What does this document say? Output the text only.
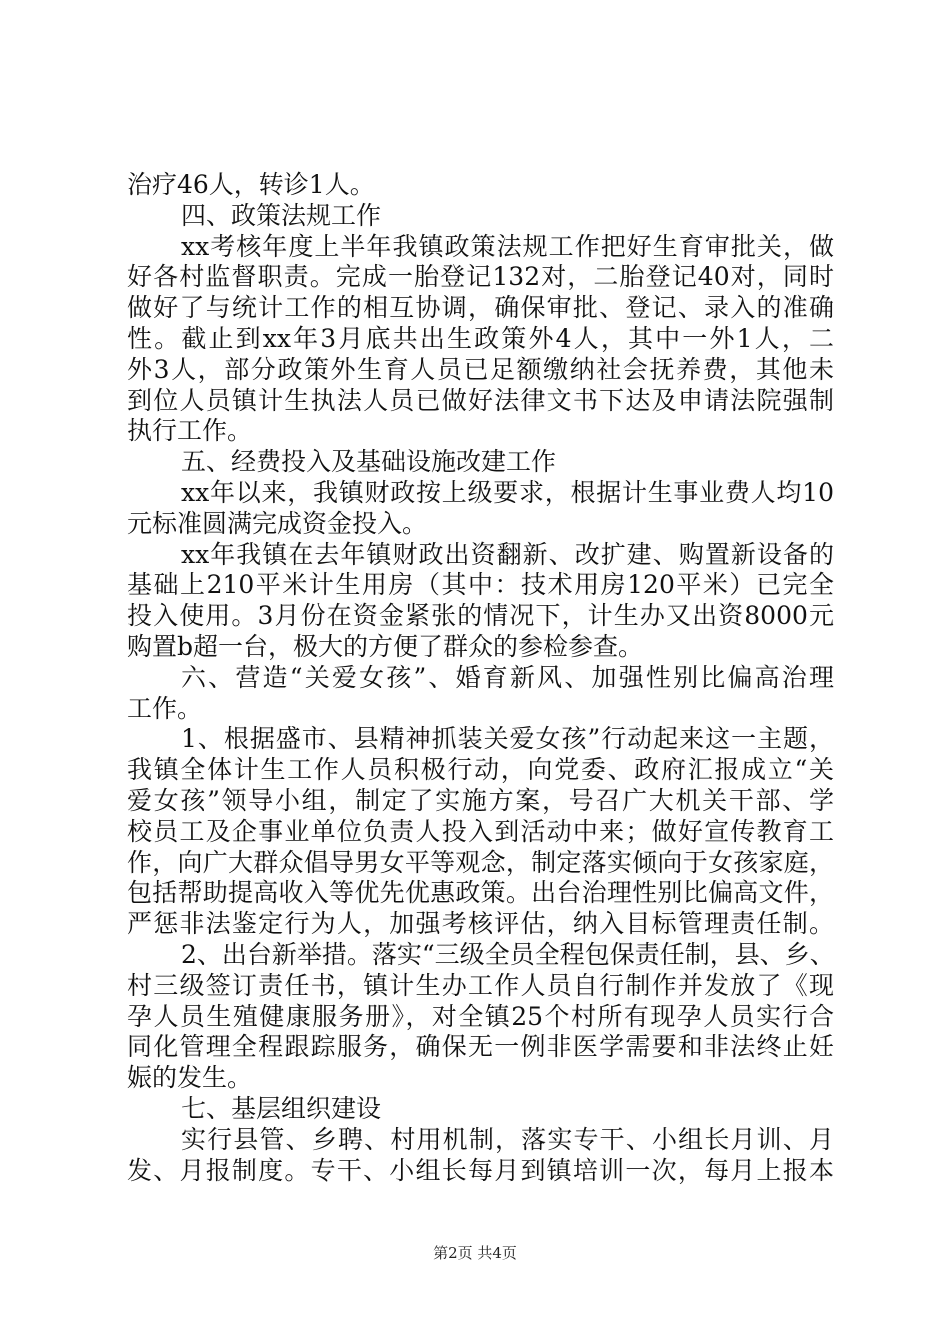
治疗46人，转诊1人。
四、政策法规工作
xx考核年度上半年我镇政策法规工作把好生育审批关，做
好各村监督职责。完成一胎登记132对，二胎登记40对，同时
做好了与统计工作的相互协调，确保审批、登记、录入的准确
性。截止到xx年3月底共出生政策外4人，其中一外1人，二
外3人，部分政策外生育人员已足额缴纳社会抚养费，其他未
到位人员镇计生执法人员已做好法律文书下达及申请法院强制
执行工作。
五、经费投入及基础设施改建工作
xx年以来，我镇财政按上级要求，根据计生事业费人均10
元标准圆满完成资金投入。
xx年我镇在去年镇财政出资翻新、改扩建、购置新设备的
基础上210平米计生用房（其中：技术用房120平米）已完全
投入使用。3月份在资金紧张的情况下，计生办又出资8000元
购置b超一台，极大的方便了群众的参检参查。
六、营造“关爱女孩”、婚育新风、加强性别比偏高治理
工作。
1、根据盛市、县精神抓装关爱女孩”行动起来这一主题，
我镇全体计生工作人员积极行动，向党委、政府汇报成立“关
爱女孩”领导小组，制定了实施方案，号召广大机关干部、学
校员工及企事业单位负责人投入到活动中来；做好宣传教育工
作，向广大群众倡导男女平等观念，制定落实倾向于女孩家庭，
包括帮助提高收入等优先优惠政策。出台治理性别比偏高文件，
严惩非法鉴定行为人，加强考核评估，纳入目标管理责任制。
2、出台新举措。落实“三级全员全程包保责任制，县、乡、
村三级签订责任书，镇计生办工作人员自行制作并发放了《现
孕人员生殖健康服务册》，对全镇25个村所有现孕人员实行合
同化管理全程跟踪服务，确保无一例非医学需要和非法终止妊
娠的发生。
七、基层组织建设
实行县管、乡聘、村用机制，落实专干、小组长月训、月
发、月报制度。专干、小组长每月到镇培训一次，每月上报本
第2页 共4页
